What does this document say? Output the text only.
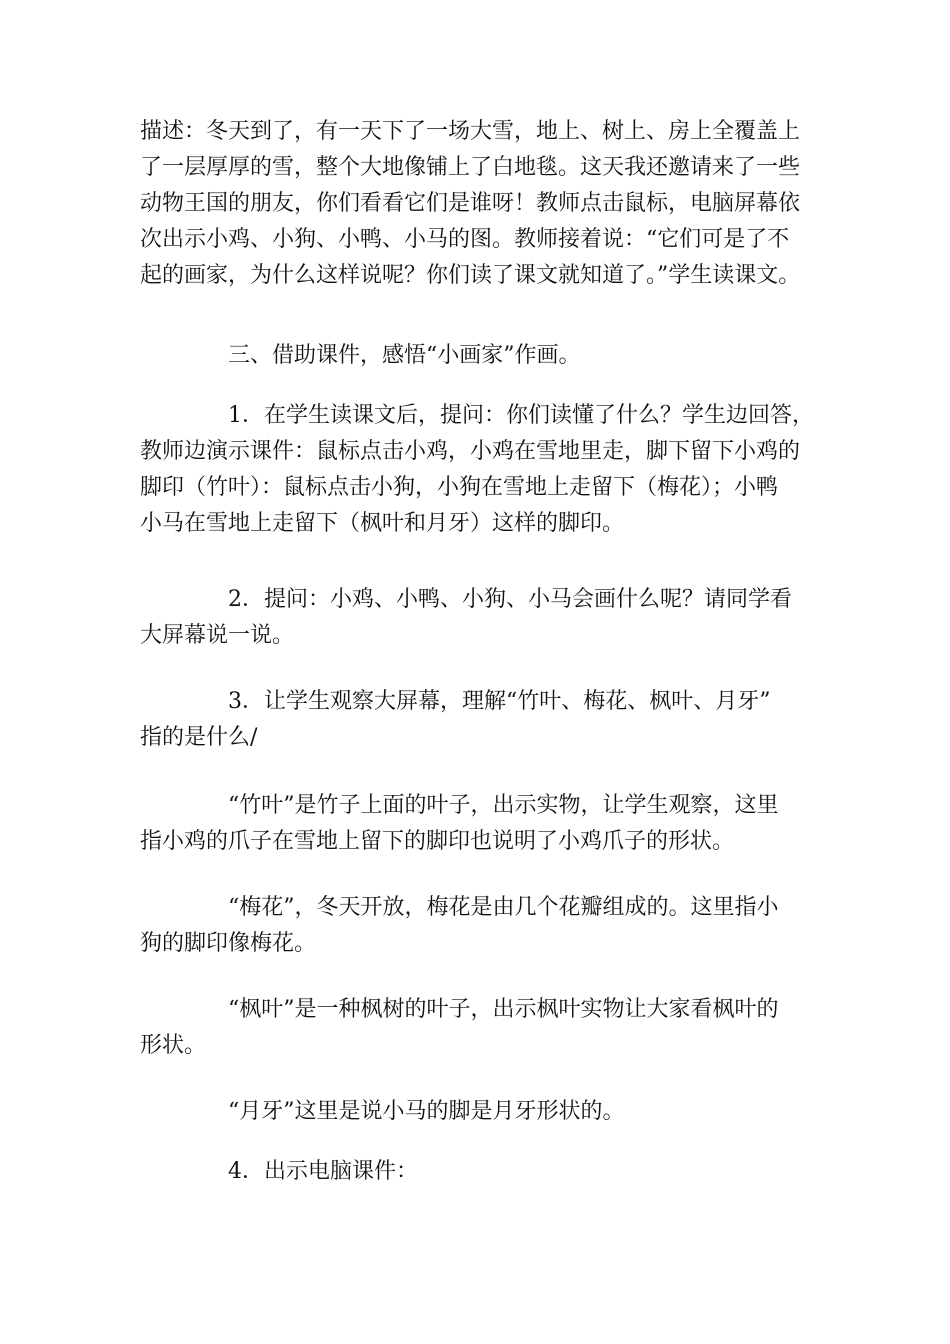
描述：冬天到了，有一天下了一场大雪，地上、树上、房上全覆盖上
了一层厚厚的雪，整个大地像铺上了白地毯。这天我还邀请来了一些
动物王国的朋友，你们看看它们是谁呀！教师点击鼠标，电脑屏幕依
次出示小鸡、小狗、小鸭、小马的图。教师接着说：“它们可是了不
起的画家，为什么这样说呢？你们读了课文就知道了。”学生读课文。
三、借助课件，感悟“小画家”作画。
1．在学生读课文后，提问：你们读懂了什么？学生边回答，
教师边演示课件：鼠标点击小鸡，小鸡在雪地里走，脚下留下小鸡的
脚印（竹叶）：鼠标点击小狗，小狗在雪地上走留下（梅花）；小鸭
小马在雪地上走留下（枫叶和月牙）这样的脚印。
2．提问：小鸡、小鸭、小狗、小马会画什么呢？请同学看
大屏幕说一说。
3．让学生观察大屏幕，理解“竹叶、梅花、枫叶、月牙”
指的是什么/
“竹叶”是竹子上面的叶子，出示实物，让学生观察，这里
指小鸡的爪子在雪地上留下的脚印也说明了小鸡爪子的形状。
“梅花”，冬天开放，梅花是由几个花瓣组成的。这里指小
狗的脚印像梅花。
“枫叶”是一种枫树的叶子，出示枫叶实物让大家看枫叶的
形状。
“月牙”这里是说小马的脚是月牙形状的。
4．出示电脑课件：
